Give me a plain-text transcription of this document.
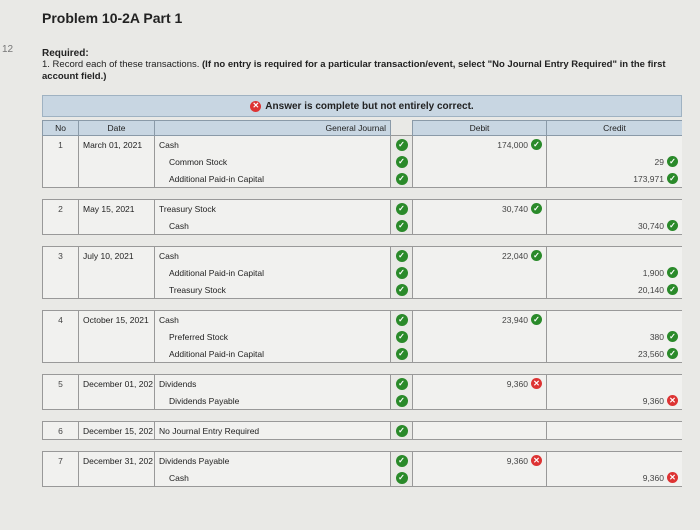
12
Problem 10-2A Part 1
Required:
1. Record each of these transactions. (If no entry is required for a particular transaction/event, select "No Journal Entry Required" in the first account field.)
✕ Answer is complete but not entirely correct.
No	Date	General Journal		Debit	Credit
1	March 01, 2021	Cash	✓	174,000 ✓	

		Common Stock	✓		29 ✓

		Additional Paid-in Capital	✓		173,971 ✓

2	May 15, 2021	Treasury Stock	✓	30,740 ✓	

		Cash	✓		30,740 ✓

3	July 10, 2021	Cash	✓	22,040 ✓	

		Additional Paid-in Capital	✓		1,900 ✓

		Treasury Stock	✓		20,140 ✓

4	October 15, 2021	Cash	✓	23,940 ✓	

		Preferred Stock	✓		380 ✓

		Additional Paid-in Capital	✓		23,560 ✓

5	December 01, 202	Dividends	✓	9,360 ✕	

		Dividends Payable	✓		9,360 ✕

6	December 15, 202	No Journal Entry Required	✓		

7	December 31, 202	Dividends Payable	✓	9,360 ✕	

		Cash	✓		9,360 ✕
